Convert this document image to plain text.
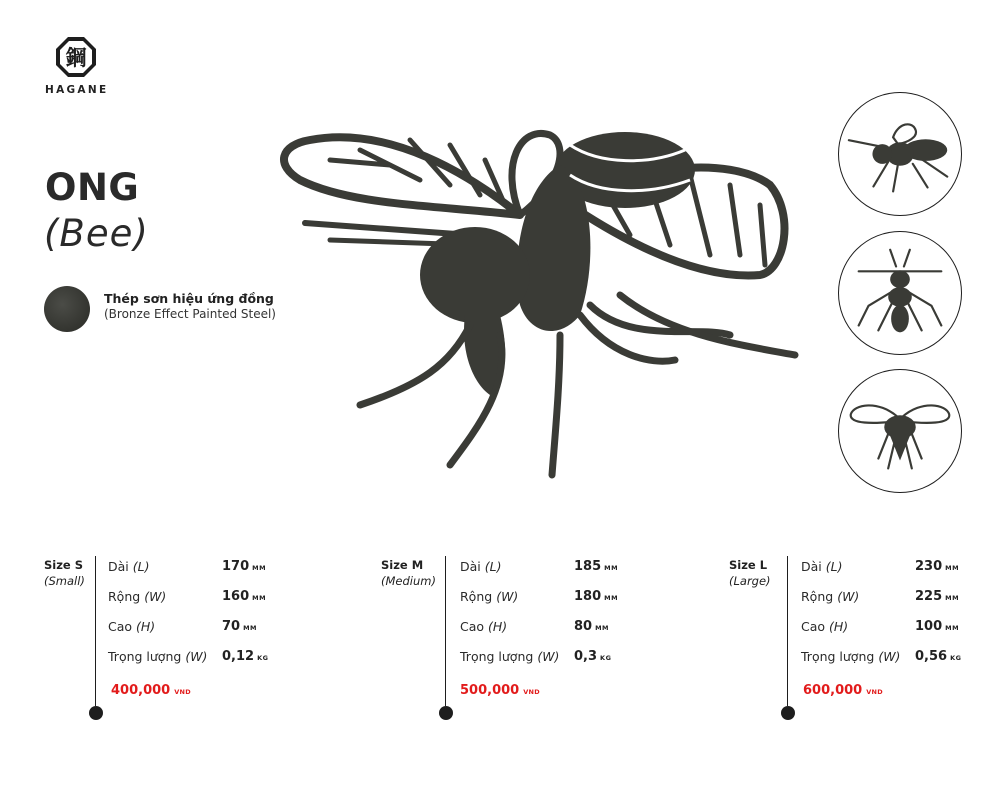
鋼
HAGANE
ONG
(Bee)
Thép sơn hiệu ứng đồng
(Bronze Effect Painted Steel)
Size S
(Small)
Dài (L)
Rộng (W)
Cao (H)
Trọng lượng (W)
170 MM
160 MM
70 MM
0,12 KG
400,000 VND
Size M
(Medium)
Dài (L)
Rộng (W)
Cao (H)
Trọng lượng (W)
185 MM
180 MM
80 MM
0,3 KG
500,000 VND
Size L
(Large)
Dài (L)
Rộng (W)
Cao (H)
Trọng lượng (W)
230 MM
225 MM
100 MM
0,56 KG
600,000 VND
